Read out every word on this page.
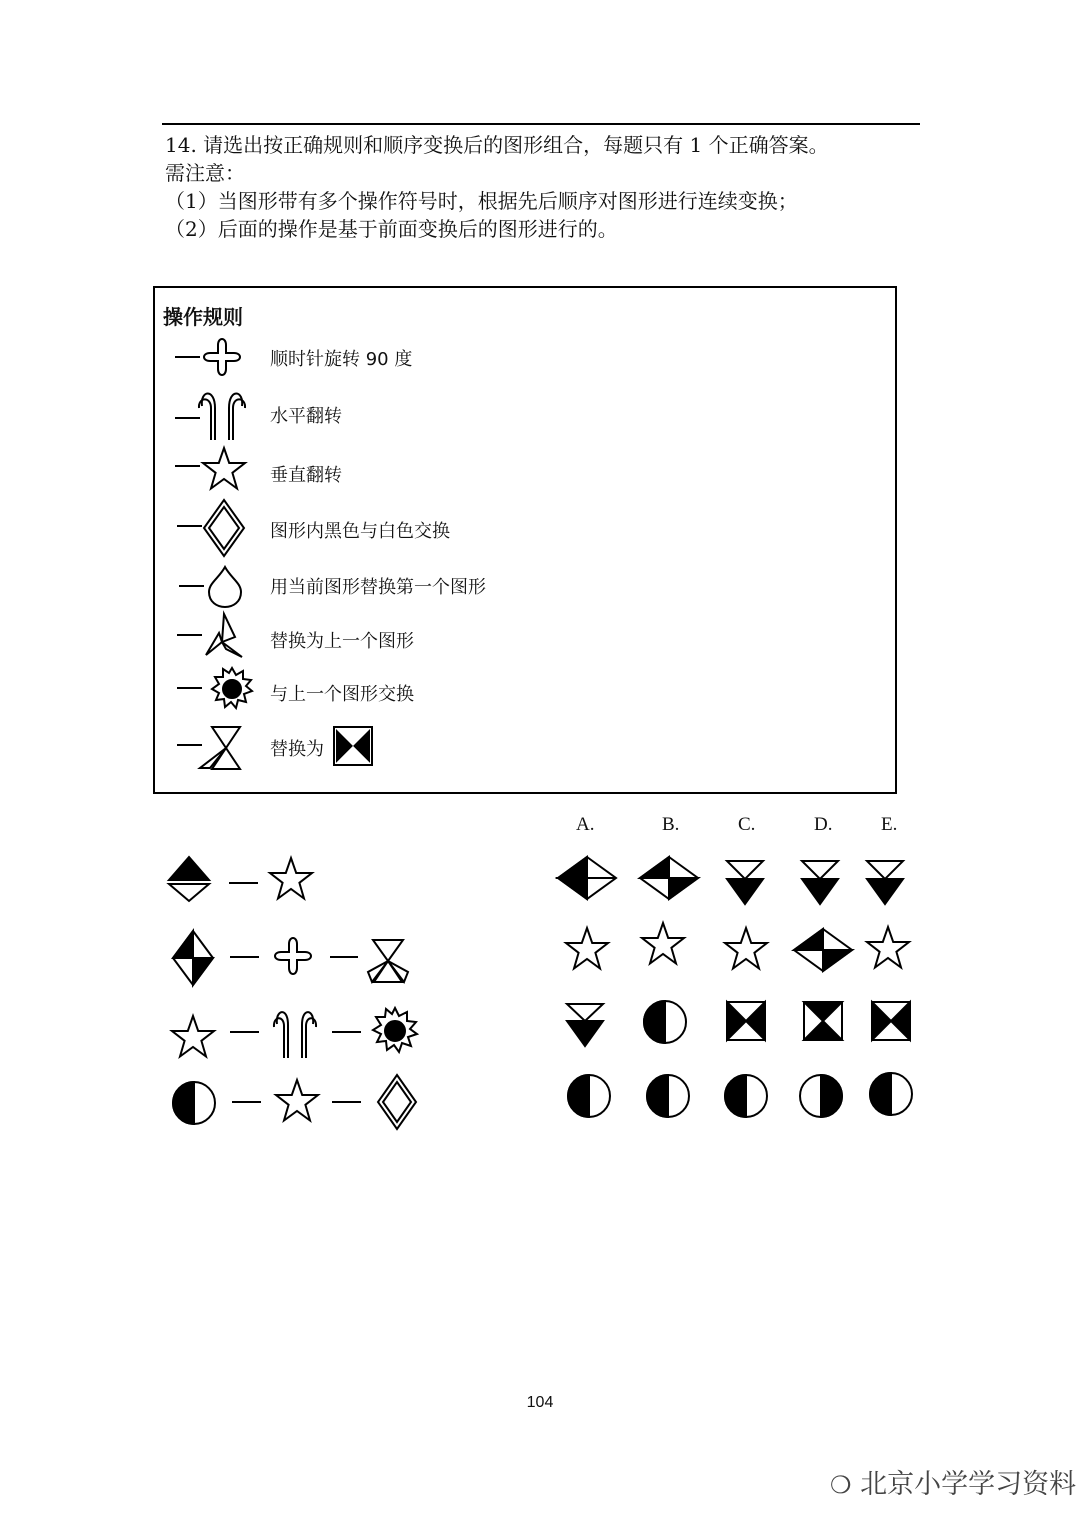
14. 请选出按正确规则和顺序变换后的图形组合，每题只有 1 个正确答案。
需注意：
（1）当图形带有多个操作符号时，根据先后顺序对图形进行连续变换；
（2）后面的操作是基于前面变换后的图形进行的。
操作规则
顺时针旋转 90 度
水平翻转
垂直翻转
图形内黑色与白色交换
用当前图形替换第一个图形
替换为上一个图形
与上一个图形交换
替换为
A.	B.	C.	D.	E.
104
❍ 北京小学学习资料
